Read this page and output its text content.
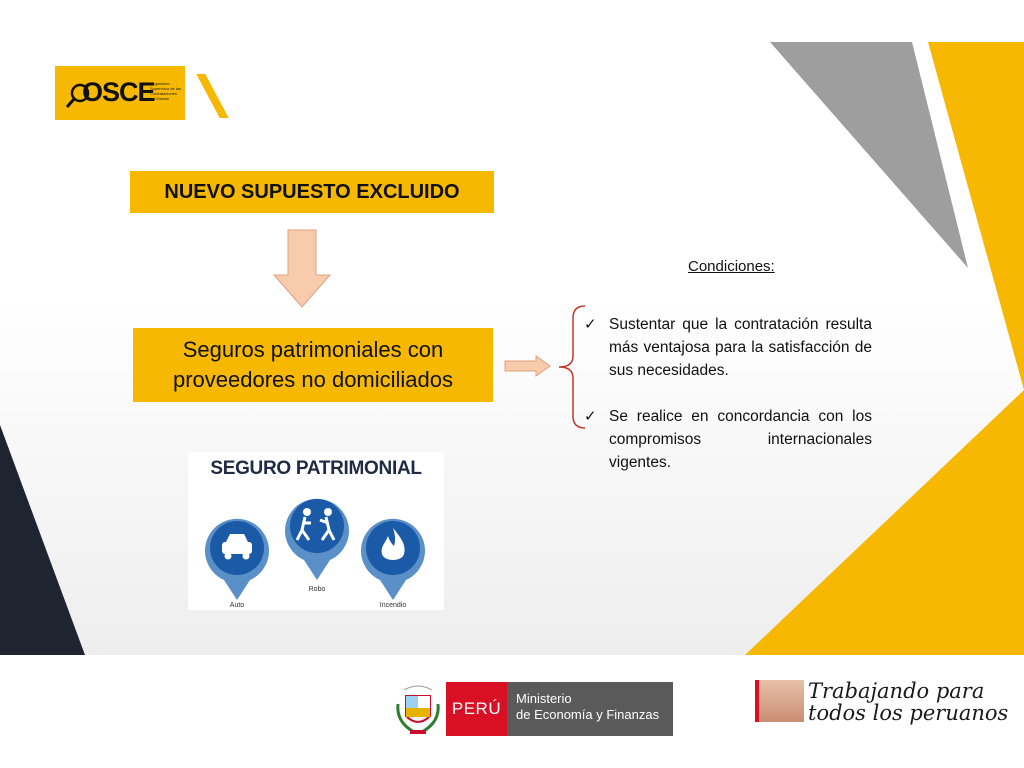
OSCE
Organismo Supervisor de las Contrataciones del Estado
NUEVO SUPUESTO EXCLUIDO
Seguros patrimoniales con
proveedores no domiciliados
Condiciones:
✓ Sustentar que la contratación resulta más ventajosa para la satisfacción de sus necesidades.
✓ Se realice en concordancia con los compromisos internacionales vigentes.
SEGURO PATRIMONIAL
Auto
Robo
Incendio
PERÚ
Ministerio
de Economía y Finanzas
Trabajando para
todos los peruanos
